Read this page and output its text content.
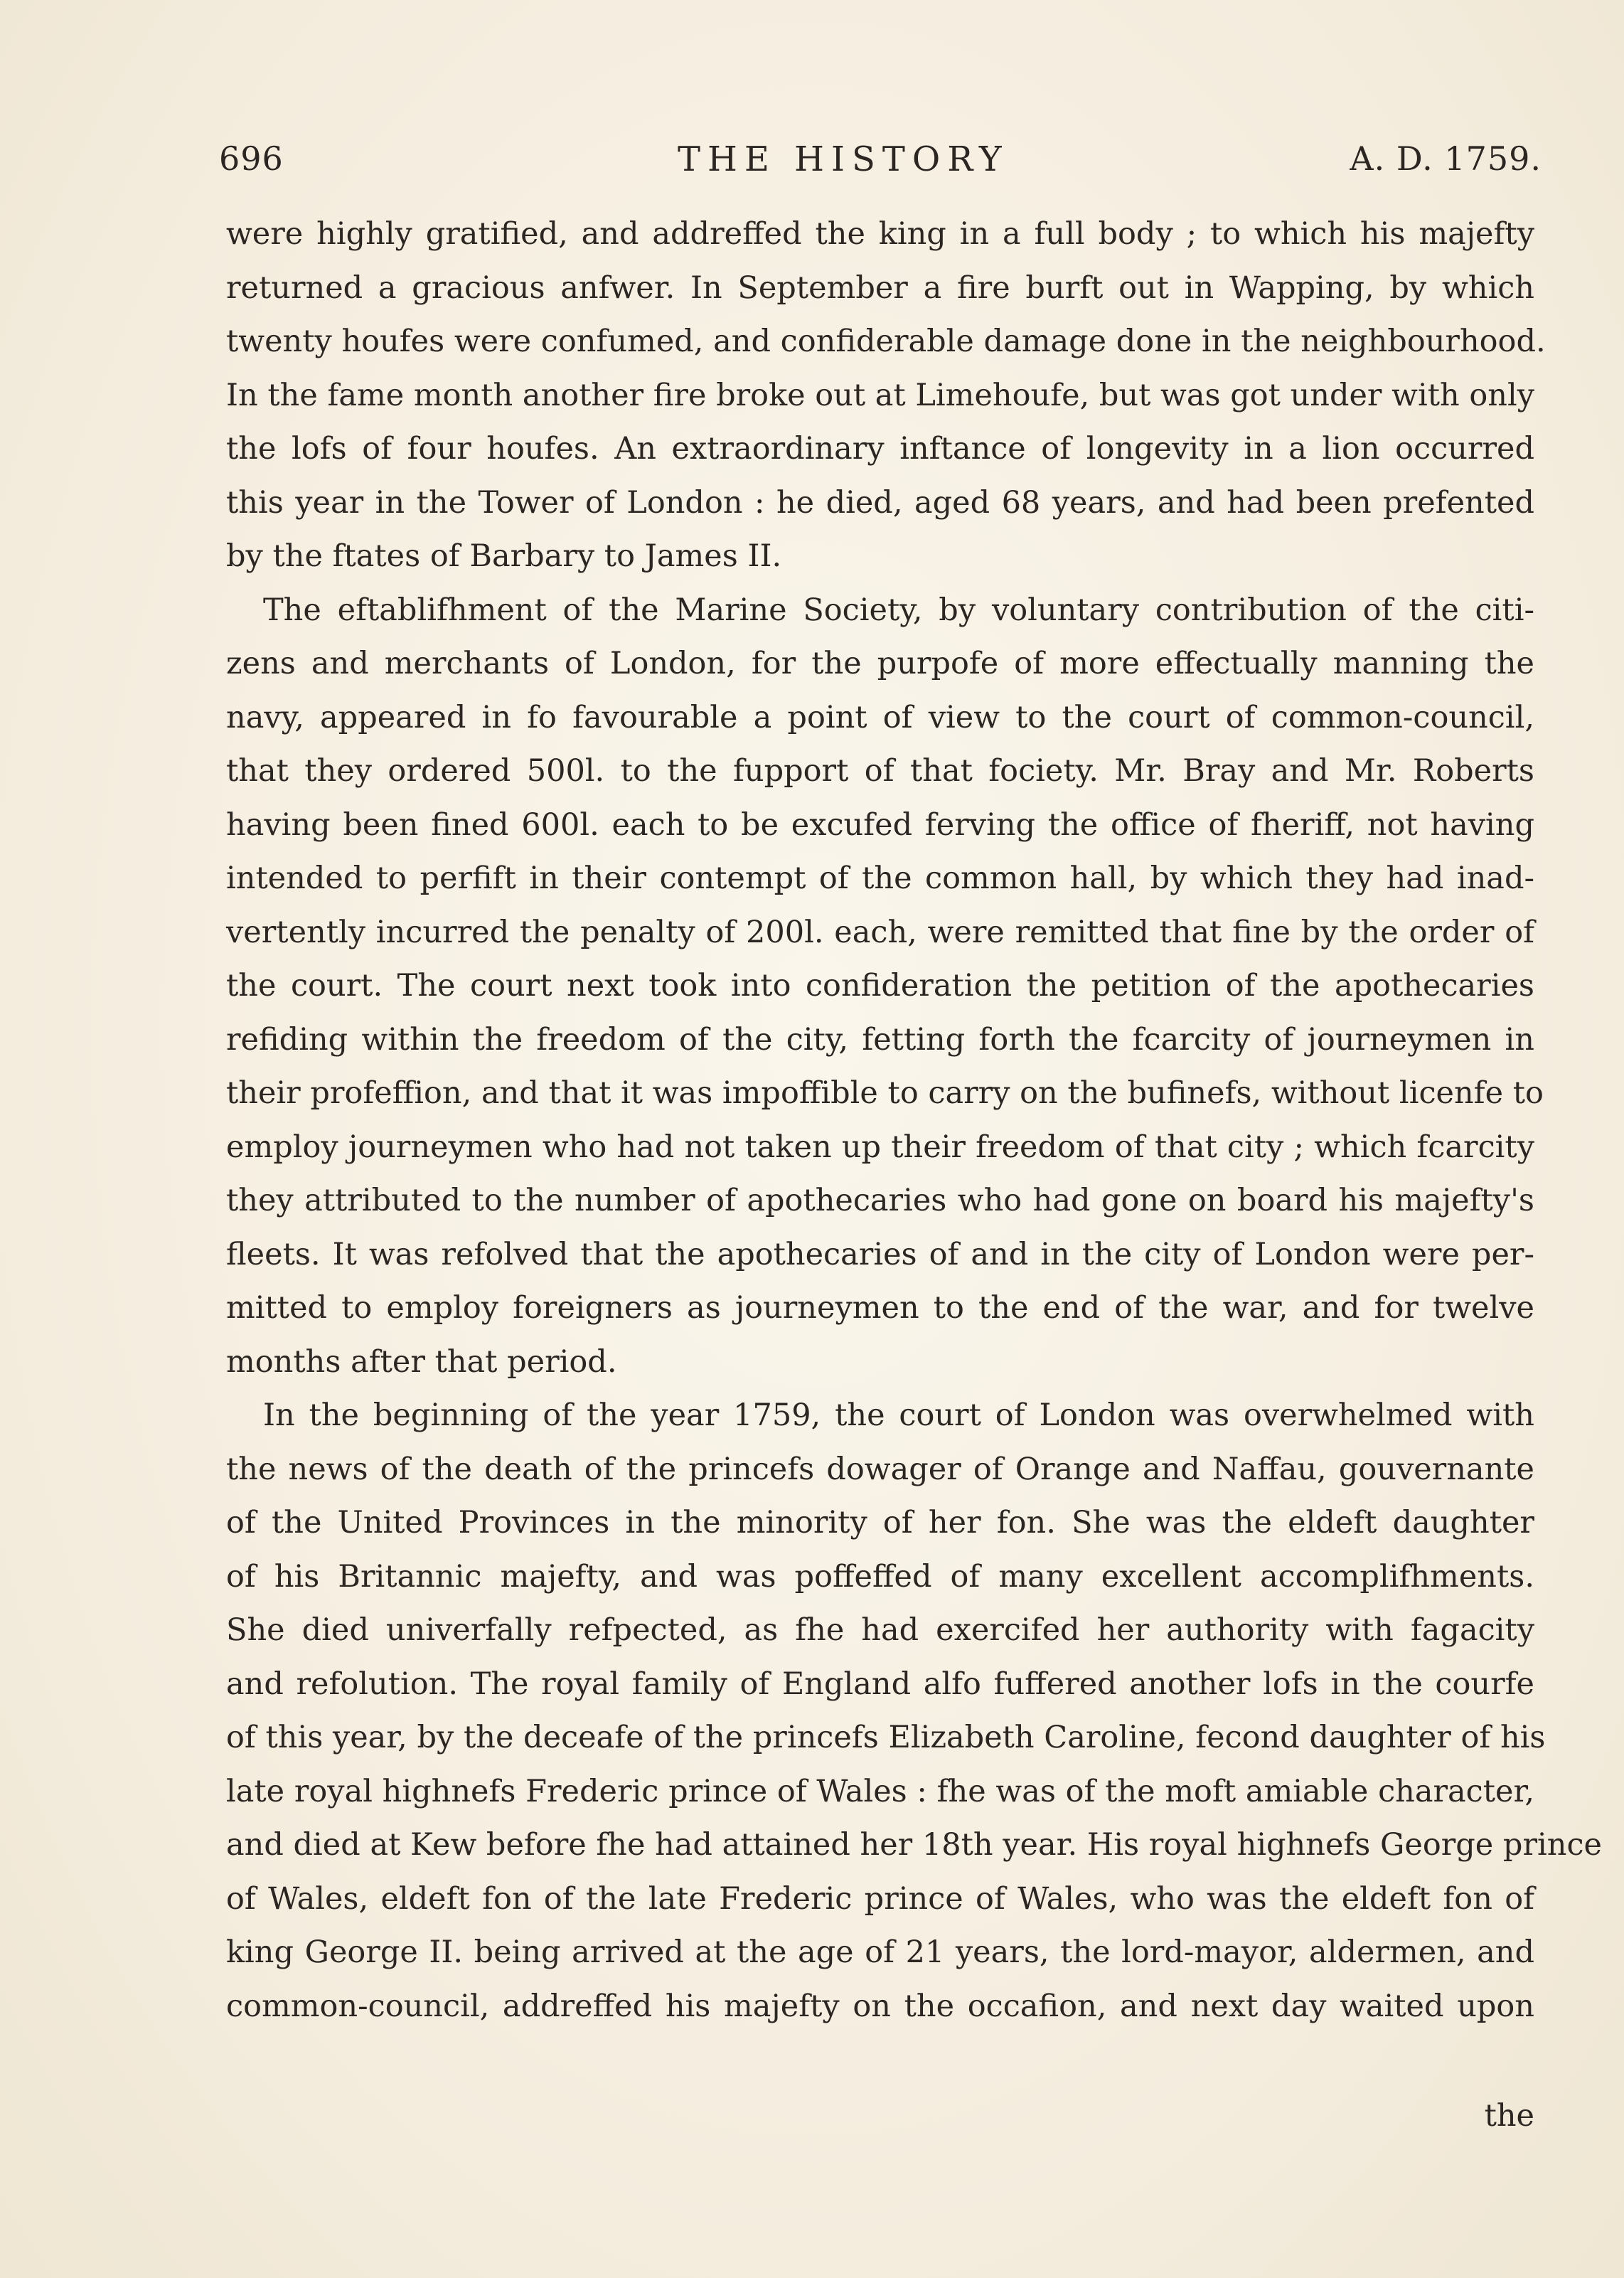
696	THE HISTORY	A. D. 1759.
were highly gratified, and addreffed the king in a full body ; to which his majefty
returned a gracious anfwer. In September a fire burft out in Wapping, by which
twenty houfes were confumed, and confiderable damage done in the neighbourhood.
In the fame month another fire broke out at Limehoufe, but was got under with only
the lofs of four houfes. An extraordinary inftance of longevity in a lion occurred
this year in the Tower of London : he died, aged 68 years, and had been prefented
by the ftates of Barbary to James II.
The eftablifhment of the Marine Society, by voluntary contribution of the citi-
zens and merchants of London, for the purpofe of more effectually manning the
navy, appeared in fo favourable a point of view to the court of common-council,
that they ordered 500l. to the fupport of that fociety. Mr. Bray and Mr. Roberts
having been fined 600l. each to be excufed ferving the office of fheriff, not having
intended to perfift in their contempt of the common hall, by which they had inad-
vertently incurred the penalty of 200l. each, were remitted that fine by the order of
the court. The court next took into confideration the petition of the apothecaries
refiding within the freedom of the city, fetting forth the fcarcity of journeymen in
their profeffion, and that it was impoffible to carry on the bufinefs, without licenfe to
employ journeymen who had not taken up their freedom of that city ; which fcarcity
they attributed to the number of apothecaries who had gone on board his majefty's
fleets. It was refolved that the apothecaries of and in the city of London were per-
mitted to employ foreigners as journeymen to the end of the war, and for twelve
months after that period.
In the beginning of the year 1759, the court of London was overwhelmed with
the news of the death of the princefs dowager of Orange and Naffau, gouvernante
of the United Provinces in the minority of her fon. She was the eldeft daughter
of his Britannic majefty, and was poffeffed of many excellent accomplifhments.
She died univerfally refpected, as fhe had exercifed her authority with fagacity
and refolution. The royal family of England alfo fuffered another lofs in the courfe
of this year, by the deceafe of the princefs Elizabeth Caroline, fecond daughter of his
late royal highnefs Frederic prince of Wales : fhe was of the moft amiable character,
and died at Kew before fhe had attained her 18th year. His royal highnefs George prince
of Wales, eldeft fon of the late Frederic prince of Wales, who was the eldeft fon of
king George II. being arrived at the age of 21 years, the lord-mayor, aldermen, and
common-council, addreffed his majefty on the occafion, and next day waited upon
the
